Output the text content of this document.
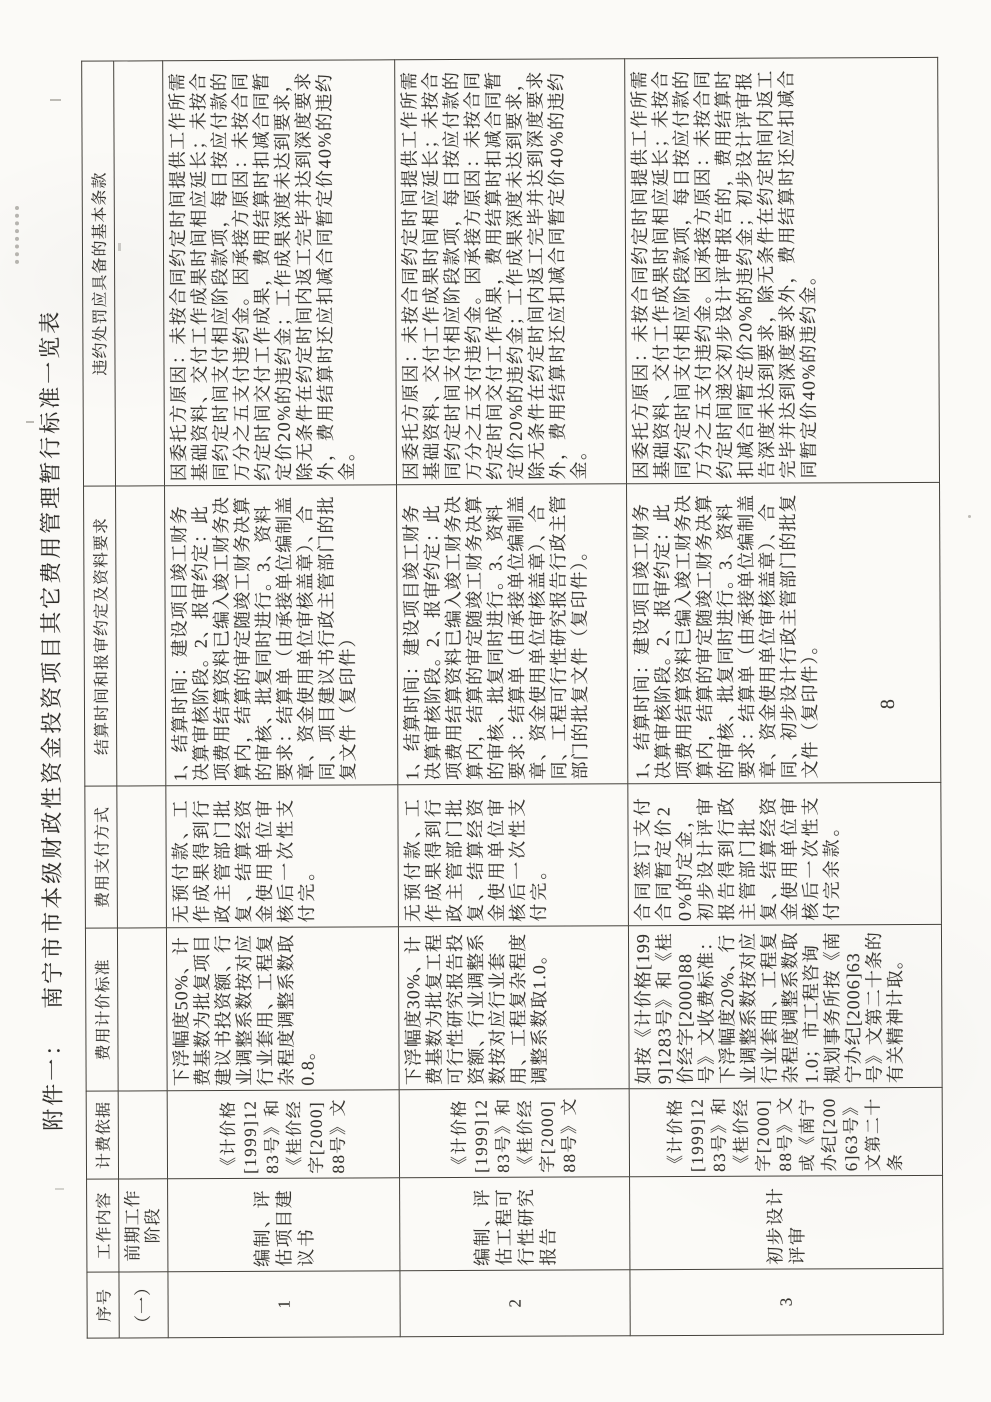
附件一：南宁市市本级财政性资金投资项目其它费用管理暂行标准一览表
序号	工作内容	计费依据	费用计价标准	费用支付方式	结算时间和报审约定及资料要求	违约处罚应具备的基本条款
（一）	前期工作阶段					
1	编制、评估项目建议书	《计价格[1999]1283号》和《桂价经字[2000]88号》文	下浮幅度50%、计费基数为批复项目建议书投资额、行业调整系数按对应行业套用、工程复杂程度调整系数取0.8。	无预付款、工作成果得到行政主管部门批复、结算经资金使用单位审核后一次性支付完。	1、结算时间：建设项目竣工财务决算审核阶段。2、报审约定：此项费用结算资料已编入竣工财务决算内，结算的审定随竣工财务决算的审核、批复同时进行。3、资料要求：结算单（由承接单位编制盖章、资金使用单位审核盖章）、合同、项目建议书行政主管部门的批复文件（复印件）	因委托方原因：未按合同约定时间提供工作所需基础资料、交付工作成果时间相应延长；未按合同约定时间支付相应阶段款项，每日按应付款的万分之五支付违约金。因承接方原因：未按合同约定时间交付工作成果，费用结算时扣减合同暂定价20%的违约金；工作成果深度未达到要求，除无条件在约定时间内返工完毕并达到深度要求外，费用结算时还应扣减合同暂定价40%的违约金。
2	编制、评估工程可行性研究报告	《计价格[1999]1283号》和《桂价经字[2000]88号》文	下浮幅度30%、计费基数为批复工程可行性研究报告投资额、行业调整系数按对应行业套用、工程复杂程度调整系数取1.0。	无预付款、工作成果得到行政主管部门批复、结算经资金使用单位审核后一次性支付完。	1、结算时间：建设项目竣工财务决算审核阶段。2、报审约定：此项费用结算资料已编入竣工财务决算内，结算的审定随竣工财务决算的审核、批复同时进行。3、资料要求：结算单（由承接单位编制盖章、资金使用单位审核盖章）、合同、工程可行性研究报告行政主管部门的批复文件（复印件）。	因委托方原因：未按合同约定时间提供工作所需基础资料、交付工作成果时间相应延长；未按合同约定时间支付相应阶段款项，每日按应付款的万分之五支付违约金。因承接方原因：未按合同约定时间交付工作成果，费用结算时扣减合同暂定价20%的违约金；工作成果深度未达到要求，除无条件在约定时间内返工完毕并达到深度要求外，费用结算时还应扣减合同暂定价40%的违约金。
3	初步设计评审	《计价格[1999]1283号》和《桂价经字[2000]88号》文或《南宁办纪[2006]63号》文第二十条	如按《计价格[1999]1283号》和《桂价经字[2000]88号》文收费标准：下浮幅度20%、行业调整系数按对应行业套用、工程复杂程度调整系数取1.0；市工程咨询规划事务所按《南宁办纪[2006]63号》文第二十条的有关精神计取。	合同签订支付合同暂定价20%的定金，初步设计评审报告得到行政主管部门批复、结算经资金使用单位审核后一次性支付完余款。	1、结算时间：建设项目竣工财务决算审核阶段。2、报审约定：此项费用结算资料已编入竣工财务决算内，结算的审定随竣工财务决算的审核、批复同时进行。3、资料要求：结算单（由承接单位编制盖章、资金使用单位审核盖章）、合同、初步设计行政主管部门的批复文件（复印件）。	因委托方原因：未按合同约定时间提供工作所需基础资料、交付工作成果时间相应延长；未按合同约定时间支付相应阶段款项，每日按应付款的万分之五支付违约金。因承接方原因：未按合同约定时间递交初步设计评审报告的，费用结算时扣减合同暂定价20%的违约金；初步设计评审报告深度未达到要求，除无条件在约定时间内返工完毕并达到深度要求外，费用结算时还应扣减合同暂定价40%的违约金。
8
